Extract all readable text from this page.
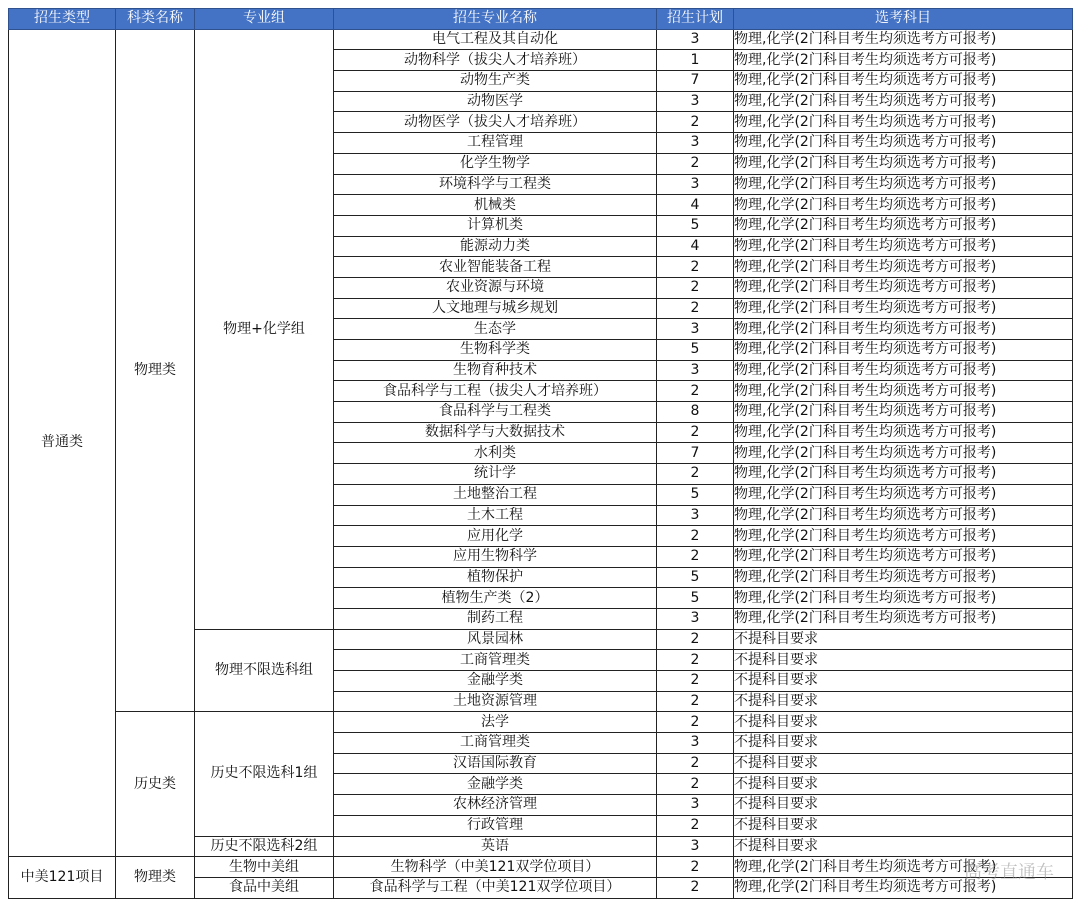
招生类型	科类名称	专业组	招生专业名称	招生计划	选考科目
普通类	物理类	物理+化学组	电气工程及其自动化	3	物理,化学(2门科目考生均须选考方可报考)
			动物科学（拔尖人才培养班）	1	物理,化学(2门科目考生均须选考方可报考)
			动物生产类	7	物理,化学(2门科目考生均须选考方可报考)
			动物医学	3	物理,化学(2门科目考生均须选考方可报考)
			动物医学（拔尖人才培养班）	2	物理,化学(2门科目考生均须选考方可报考)
			工程管理	3	物理,化学(2门科目考生均须选考方可报考)
			化学生物学	2	物理,化学(2门科目考生均须选考方可报考)
			环境科学与工程类	3	物理,化学(2门科目考生均须选考方可报考)
			机械类	4	物理,化学(2门科目考生均须选考方可报考)
			计算机类	5	物理,化学(2门科目考生均须选考方可报考)
			能源动力类	4	物理,化学(2门科目考生均须选考方可报考)
			农业智能装备工程	2	物理,化学(2门科目考生均须选考方可报考)
			农业资源与环境	2	物理,化学(2门科目考生均须选考方可报考)
			人文地理与城乡规划	2	物理,化学(2门科目考生均须选考方可报考)
			生态学	3	物理,化学(2门科目考生均须选考方可报考)
			生物科学类	5	物理,化学(2门科目考生均须选考方可报考)
			生物育种技术	3	物理,化学(2门科目考生均须选考方可报考)
			食品科学与工程（拔尖人才培养班）	2	物理,化学(2门科目考生均须选考方可报考)
			食品科学与工程类	8	物理,化学(2门科目考生均须选考方可报考)
			数据科学与大数据技术	2	物理,化学(2门科目考生均须选考方可报考)
			水利类	7	物理,化学(2门科目考生均须选考方可报考)
			统计学	2	物理,化学(2门科目考生均须选考方可报考)
			土地整治工程	5	物理,化学(2门科目考生均须选考方可报考)
			土木工程	3	物理,化学(2门科目考生均须选考方可报考)
			应用化学	2	物理,化学(2门科目考生均须选考方可报考)
			应用生物科学	2	物理,化学(2门科目考生均须选考方可报考)
			植物保护	5	物理,化学(2门科目考生均须选考方可报考)
			植物生产类（2）	5	物理,化学(2门科目考生均须选考方可报考)
			制药工程	3	物理,化学(2门科目考生均须选考方可报考)
		物理不限选科组	风景园林	2	不提科目要求
			工商管理类	2	不提科目要求
			金融学类	2	不提科目要求
			土地资源管理	2	不提科目要求
	历史类	历史不限选科1组	法学	2	不提科目要求
			工商管理类	3	不提科目要求
			汉语国际教育	2	不提科目要求
			金融学类	2	不提科目要求
			农林经济管理	3	不提科目要求
			行政管理	2	不提科目要求
		历史不限选科2组	英语	3	不提科目要求
中美121项目	物理类	生物中美组	生物科学（中美121双学位项目）	2	物理,化学(2门科目考生均须选考方可报考)
		食品中美组	食品科学与工程（中美121双学位项目）	2	物理,化学(2门科目考生均须选考方可报考)
高考直通车
